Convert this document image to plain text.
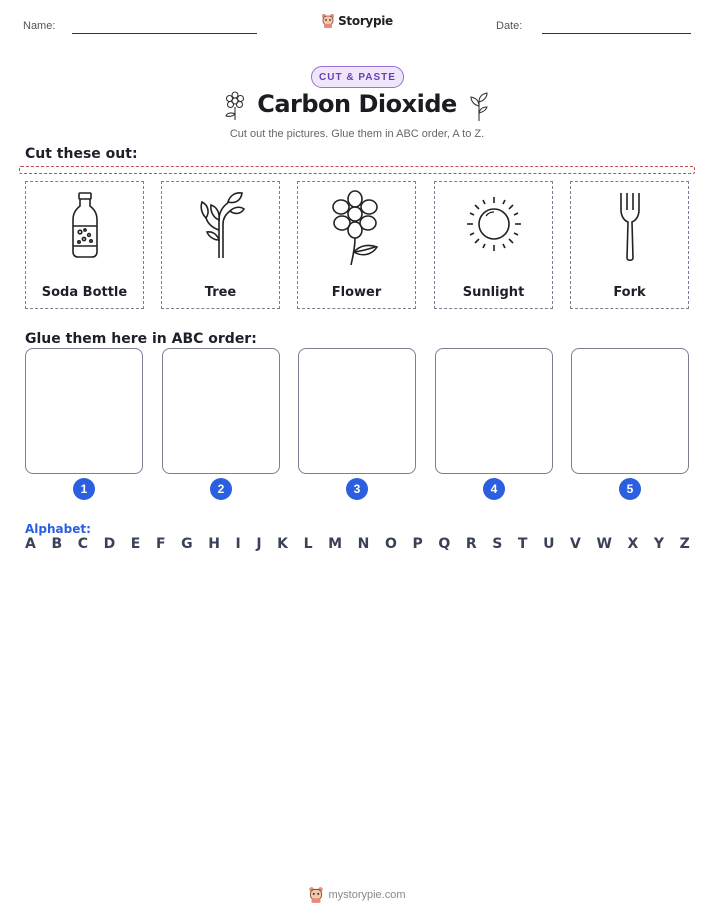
Name:	Storypie	Date:
CUT & PASTE
Carbon Dioxide
Cut out the pictures. Glue them in ABC order, A to Z.
Cut these out:
Soda Bottle	Tree	Flower	Sunlight	Fork
Glue them here in ABC order:
1	2	3	4	5
Alphabet:
A B C D E F G H I J K L M N O P Q R S T U V W X Y Z
mystorypie.com
